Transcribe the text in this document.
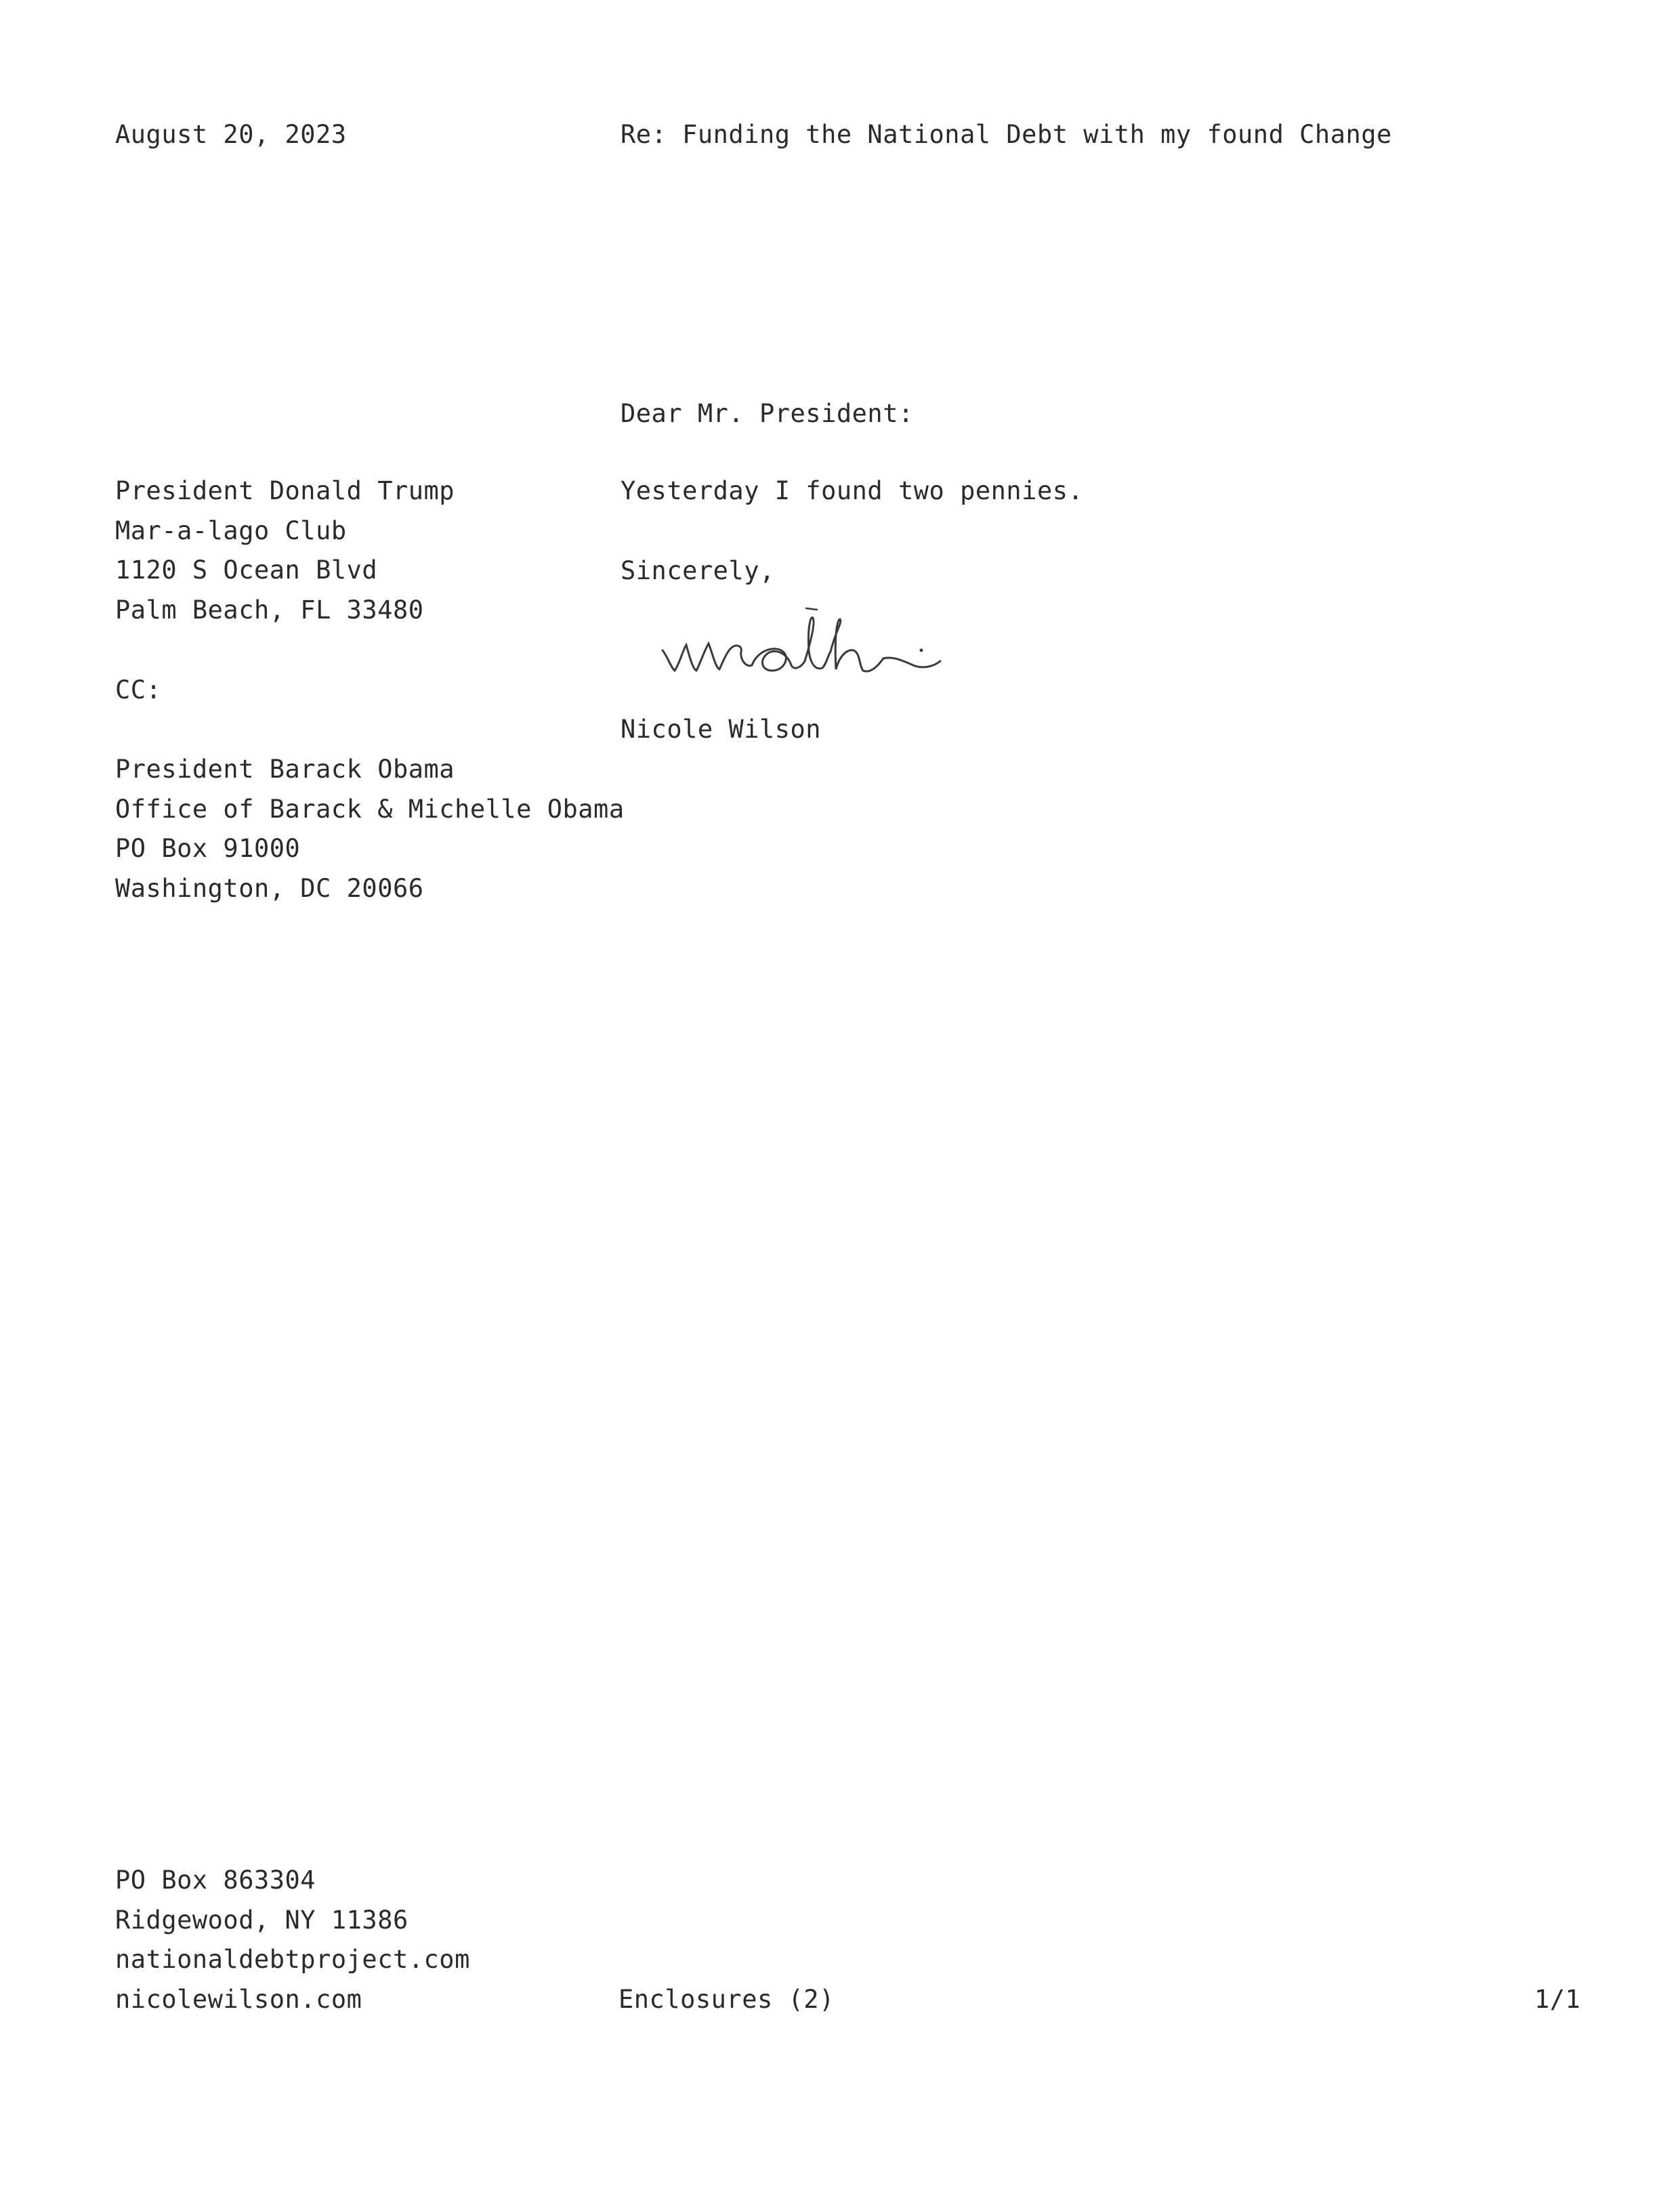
August 20, 2023	Re: Funding the National Debt with my found Change
Dear Mr. President:
President Donald Trump
Mar-a-lago Club
1120 S Ocean Blvd
Palm Beach, FL 33480
Yesterday I found two pennies.
Sincerely,
CC:
Nicole Wilson
President Barack Obama
Office of Barack & Michelle Obama
PO Box 91000
Washington, DC 20066
PO Box 863304
Ridgewood, NY 11386
nationaldebtproject.com
nicolewilson.com	Enclosures (2)	1/1
